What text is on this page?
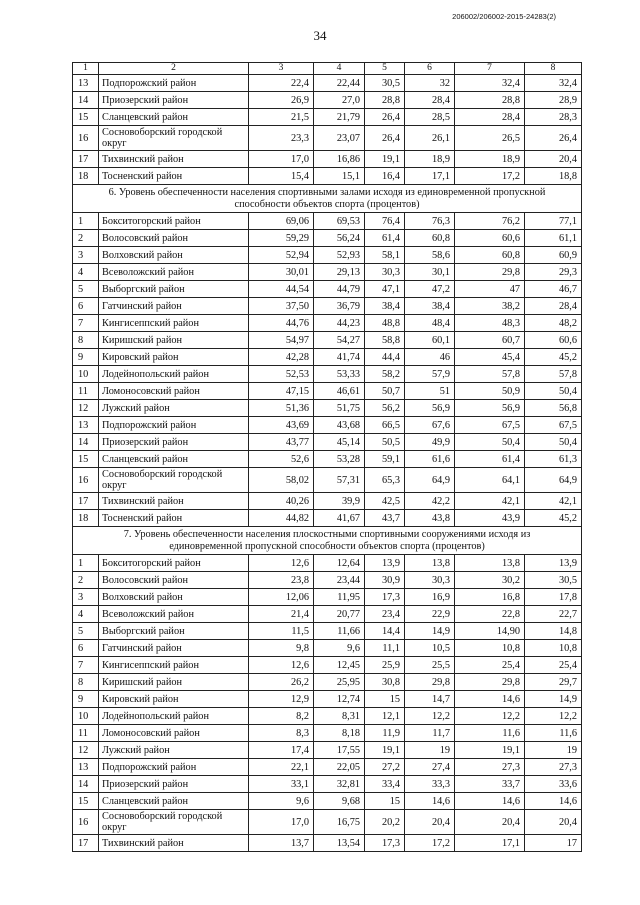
34
206002/206002-2015-24283(2)
1	2	3	4	5	6	7	8
13	Подпорожский район	22,4	22,44	30,5	32	32,4	32,4
14	Приозерский район	26,9	27,0	28,8	28,4	28,8	28,9
15	Сланцевский район	21,5	21,79	26,4	28,5	28,4	28,3
16	Сосновоборский городской округ	23,3	23,07	26,4	26,1	26,5	26,4
17	Тихвинский район	17,0	16,86	19,1	18,9	18,9	20,4
18	Тосненский район	15,4	15,1	16,4	17,1	17,2	18,8
6. Уровень обеспеченности населения спортивными залами исходя из единовременной пропускной способности объектов спорта (процентов)							
1	Бокситогорский район	69,06	69,53	76,4	76,3	76,2	77,1
2	Волосовский район	59,29	56,24	61,4	60,8	60,6	61,1
3	Волховский район	52,94	52,93	58,1	58,6	60,8	60,9
4	Всеволожский район	30,01	29,13	30,3	30,1	29,8	29,3
5	Выборгский район	44,54	44,79	47,1	47,2	47	46,7
6	Гатчинский район	37,50	36,79	38,4	38,4	38,2	28,4
7	Кингисеппский район	44,76	44,23	48,8	48,4	48,3	48,2
8	Киришский район	54,97	54,27	58,8	60,1	60,7	60,6
9	Кировский район	42,28	41,74	44,4	46	45,4	45,2
10	Лодейнопольский район	52,53	53,33	58,2	57,9	57,8	57,8
11	Ломоносовский район	47,15	46,61	50,7	51	50,9	50,4
12	Лужский район	51,36	51,75	56,2	56,9	56,9	56,8
13	Подпорожский район	43,69	43,68	66,5	67,6	67,5	67,5
14	Приозерский район	43,77	45,14	50,5	49,9	50,4	50,4
15	Сланцевский район	52,6	53,28	59,1	61,6	61,4	61,3
16	Сосновоборский городской округ	58,02	57,31	65,3	64,9	64,1	64,9
17	Тихвинский район	40,26	39,9	42,5	42,2	42,1	42,1
18	Тосненский район	44,82	41,67	43,7	43,8	43,9	45,2
7. Уровень обеспеченности населения плоскостными спортивными сооружениями исходя из единовременной пропускной способности объектов спорта (процентов)							
1	Бокситогорский район	12,6	12,64	13,9	13,8	13,8	13,9
2	Волосовский район	23,8	23,44	30,9	30,3	30,2	30,5
3	Волховский район	12,06	11,95	17,3	16,9	16,8	17,8
4	Всеволожский район	21,4	20,77	23,4	22,9	22,8	22,7
5	Выборгский район	11,5	11,66	14,4	14,9	14,90	14,8
6	Гатчинский район	9,8	9,6	11,1	10,5	10,8	10,8
7	Кингисеппский район	12,6	12,45	25,9	25,5	25,4	25,4
8	Киришский район	26,2	25,95	30,8	29,8	29,8	29,7
9	Кировский район	12,9	12,74	15	14,7	14,6	14,9
10	Лодейнопольский район	8,2	8,31	12,1	12,2	12,2	12,2
11	Ломоносовский район	8,3	8,18	11,9	11,7	11,6	11,6
12	Лужский район	17,4	17,55	19,1	19	19,1	19
13	Подпорожский район	22,1	22,05	27,2	27,4	27,3	27,3
14	Приозерский район	33,1	32,81	33,4	33,3	33,7	33,6
15	Сланцевский район	9,6	9,68	15	14,6	14,6	14,6
16	Сосновоборский городской округ	17,0	16,75	20,2	20,4	20,4	20,4
17	Тихвинский район	13,7	13,54	17,3	17,2	17,1	17
